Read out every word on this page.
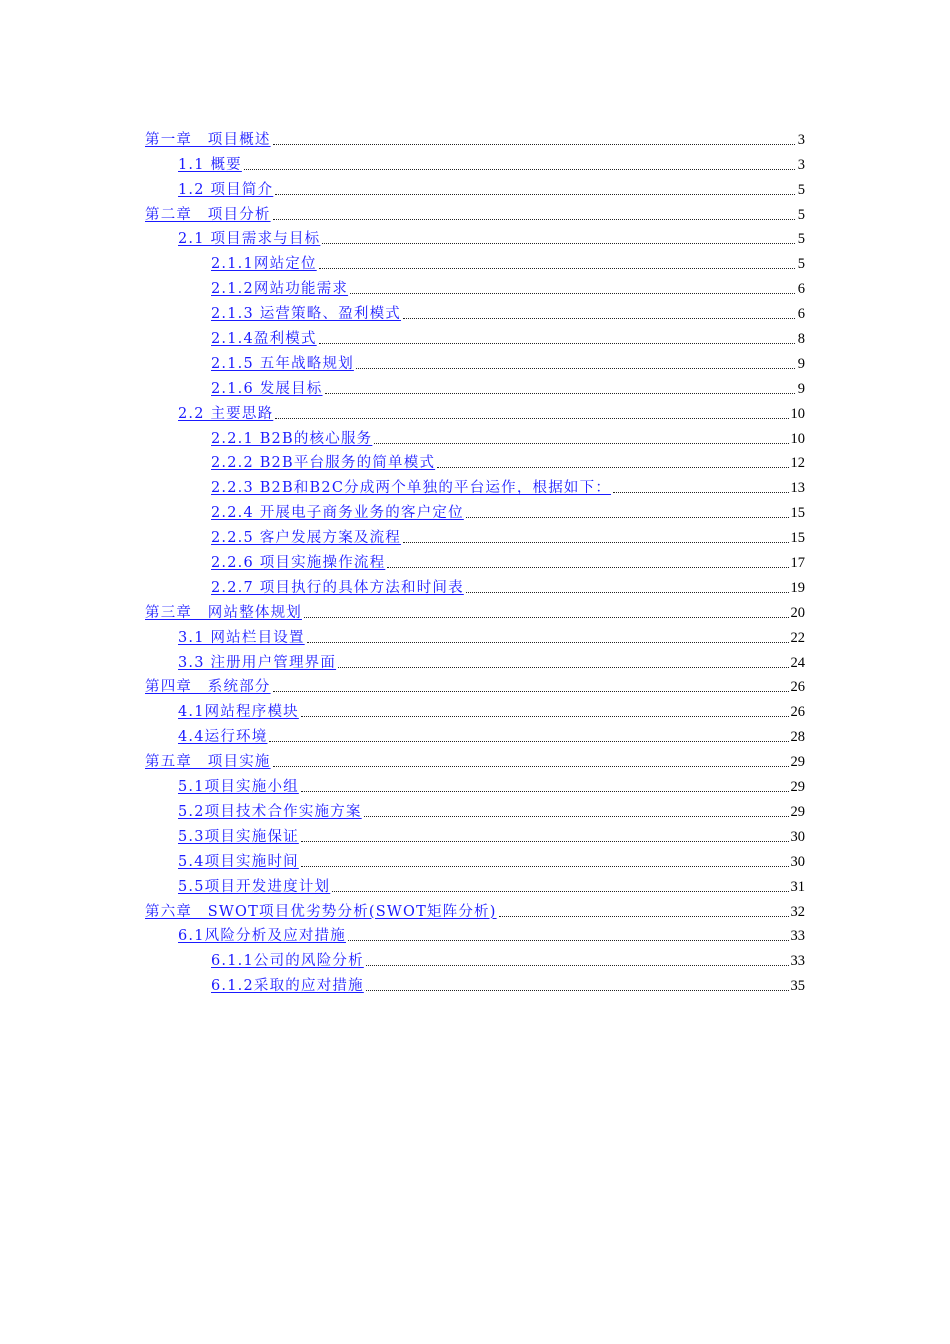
第一章　项目概述	3
1.1 概要	3
1.2 项目简介	5
第二章　项目分析	5
2.1 项目需求与目标	5
2.1.1网站定位	5
2.1.2网站功能需求	6
2.1.3 运营策略、盈利模式	6
2.1.4盈利模式	8
2.1.5 五年战略规划	9
2.1.6 发展目标	9
2.2 主要思路	10
2.2.1 B2B的核心服务	10
2.2.2 B2B平台服务的简单模式	12
2.2.3 B2B和B2C分成两个单独的平台运作，根据如下：	13
2.2.4 开展电子商务业务的客户定位	15
2.2.5 客户发展方案及流程	15
2.2.6 项目实施操作流程	17
2.2.7 项目执行的具体方法和时间表	19
第三章　网站整体规划	20
3.1 网站栏目设置	22
3.3 注册用户管理界面	24
第四章　系统部分	26
4.1网站程序模块	26
4.4运行环境	28
第五章　项目实施	29
5.1项目实施小组	29
5.2项目技术合作实施方案	29
5.3项目实施保证	30
5.4项目实施时间	30
5.5项目开发进度计划	31
第六章　SWOT项目优劣势分析(SWOT矩阵分析)	32
6.1风险分析及应对措施	33
6.1.1公司的风险分析	33
6.1.2采取的应对措施	35
